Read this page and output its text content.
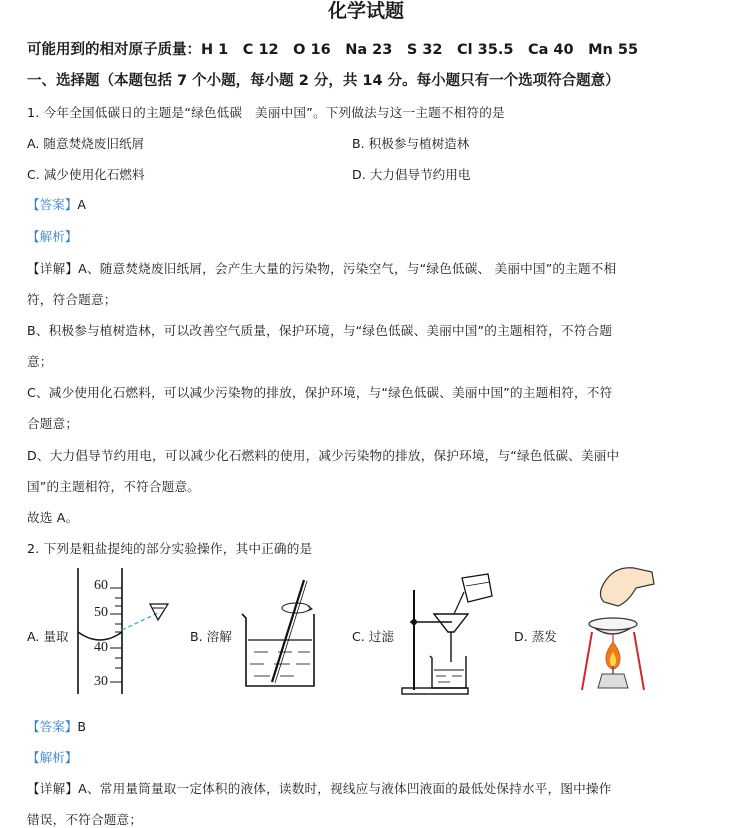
化学试题
可能用到的相对原子质量：H 1　C 12　O 16　Na 23　S 32　Cl 35.5　Ca 40　Mn 55
一、选择题（本题包括 7 个小题，每小题 2 分，共 14 分。每小题只有一个选项符合题意）
1. 今年全国低碳日的主题是“绿色低碳　美丽中国”。下列做法与这一主题不相符的是
A. 随意焚烧废旧纸屑	B. 积极参与植树造林
C. 减少使用化石燃料	D. 大力倡导节约用电
【答案】A
【解析】
【详解】A、随意焚烧废旧纸屑，会产生大量的污染物，污染空气，与“绿色低碳、 美丽中国”的主题不相
符，符合题意；
B、积极参与植树造林，可以改善空气质量，保护环境，与“绿色低碳、美丽中国”的主题相符，不符合题
意；
C、减少使用化石燃料，可以减少污染物的排放，保护环境，与“绿色低碳、美丽中国”的主题相符，不符
合题意；
D、大力倡导节约用电，可以减少化石燃料的使用，减少污染物的排放，保护环境，与“绿色低碳、美丽中
国”的主题相符，不符合题意。
故选 A。
2. 下列是粗盐提纯的部分实验操作，其中正确的是
A. 量取
60
50
40
30
B. 溶解	C. 过滤	D. 蒸发
【答案】B
【解析】
【详解】A、常用量筒量取一定体积的液体，读数时，视线应与液体凹液面的最低处保持水平，图中操作
错误，不符合题意；
